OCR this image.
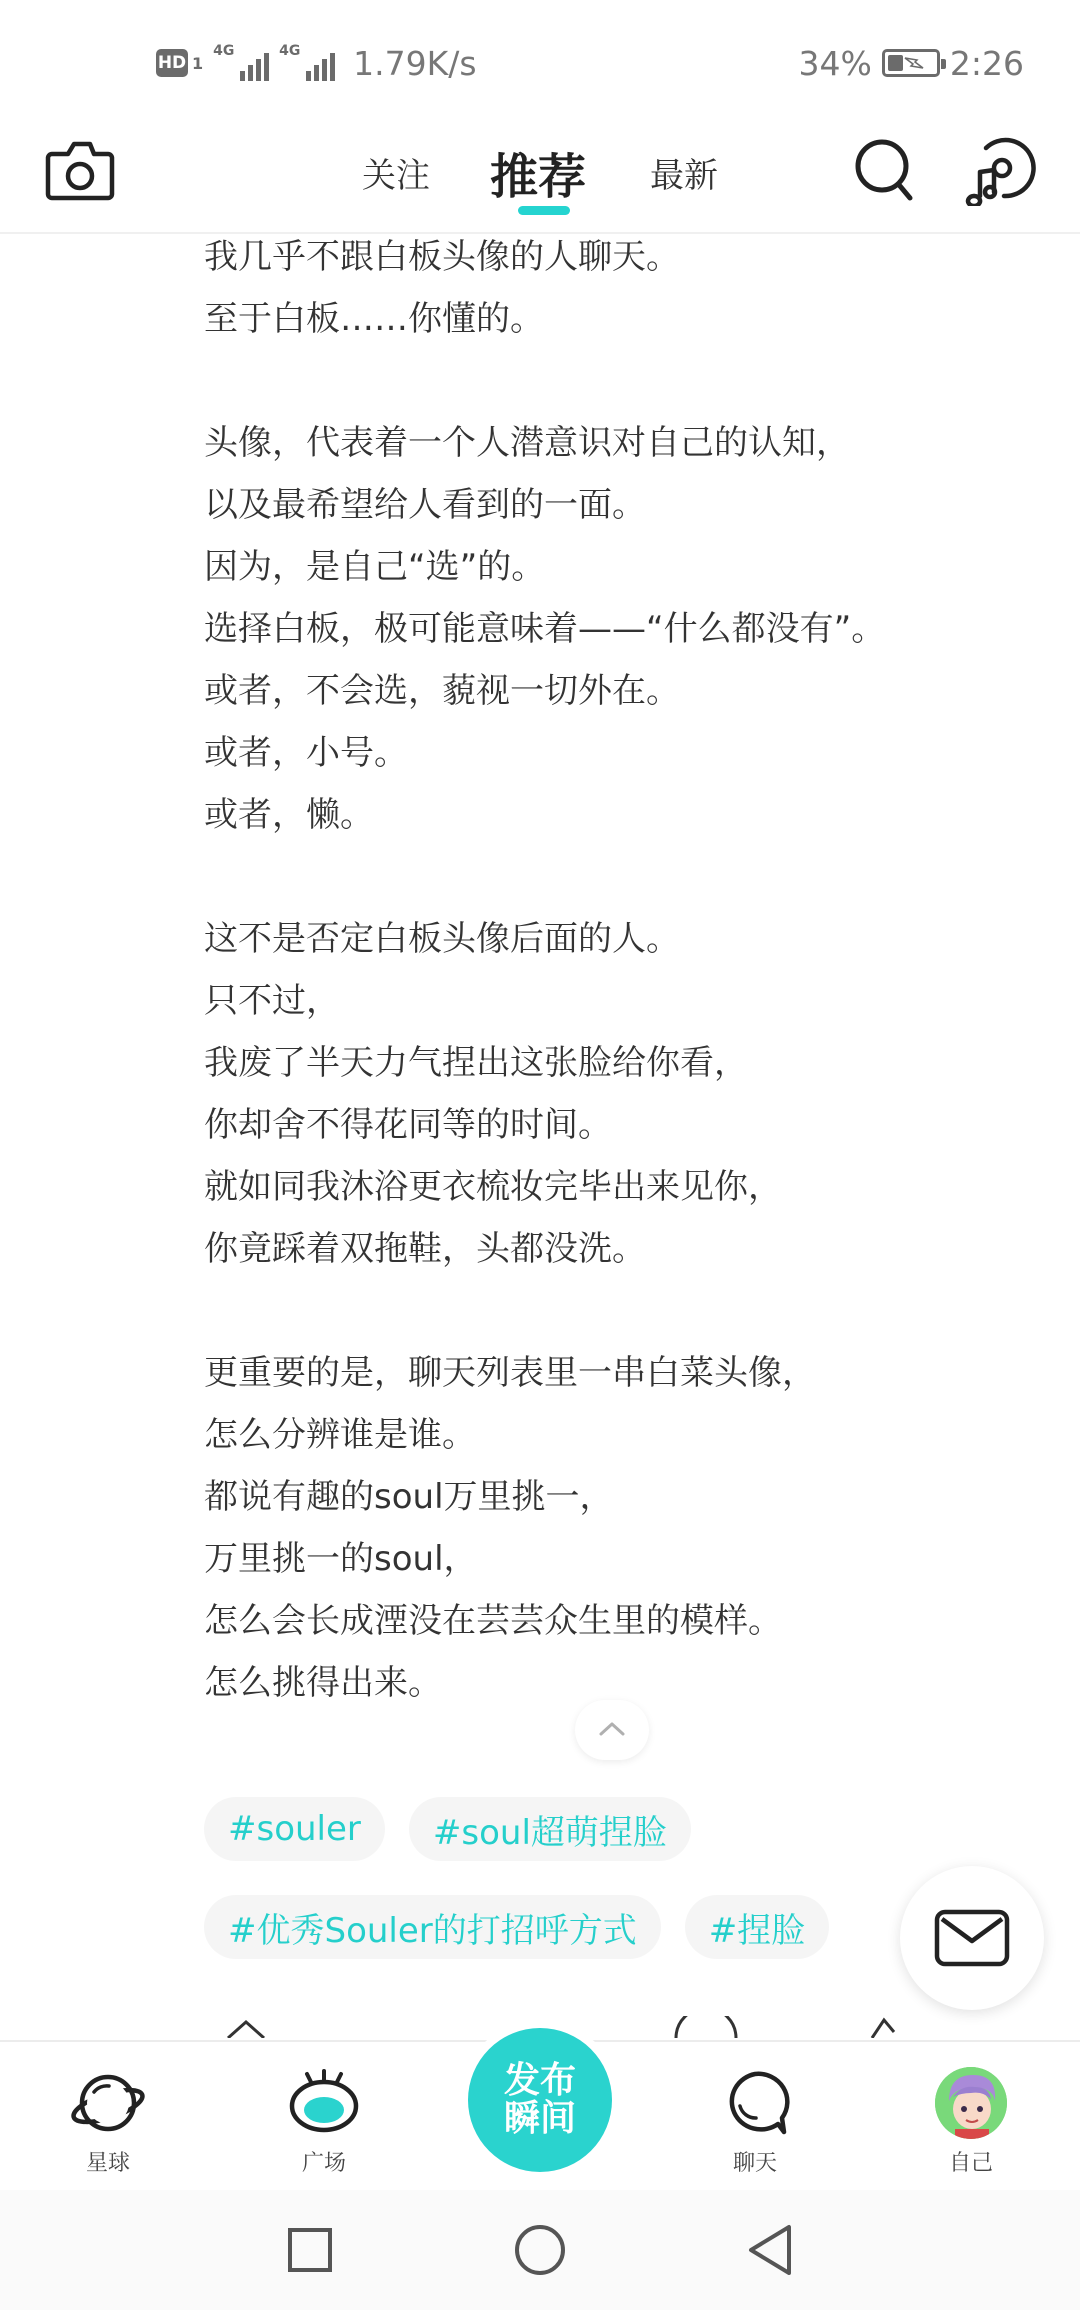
HD 1
4G	4G 1.79K/s	34% 2:26
关注 推荐 最新
我几乎不跟白板头像的人聊天。
至于白板……你懂的。
头像，代表着一个人潜意识对自己的认知，
以及最希望给人看到的一面。
因为，是自己“选”的。
选择白板，极可能意味着——“什么都没有”。
或者，不会选，藐视一切外在。
或者，小号。
或者，懒。
这不是否定白板头像后面的人。
只不过，
我废了半天力气捏出这张脸给你看，
你却舍不得花同等的时间。
就如同我沐浴更衣梳妆完毕出来见你，
你竟踩着双拖鞋，头都没洗。
更重要的是，聊天列表里一串白菜头像，
怎么分辨谁是谁。
都说有趣的soul万里挑一，
万里挑一的soul，
怎么会长成湮没在芸芸众生里的模样。
怎么挑得出来。
#souler	#soul超萌捏脸
#优秀Souler的打招呼方式	#捏脸
星球	广场	聊天	自己
发布
瞬间
